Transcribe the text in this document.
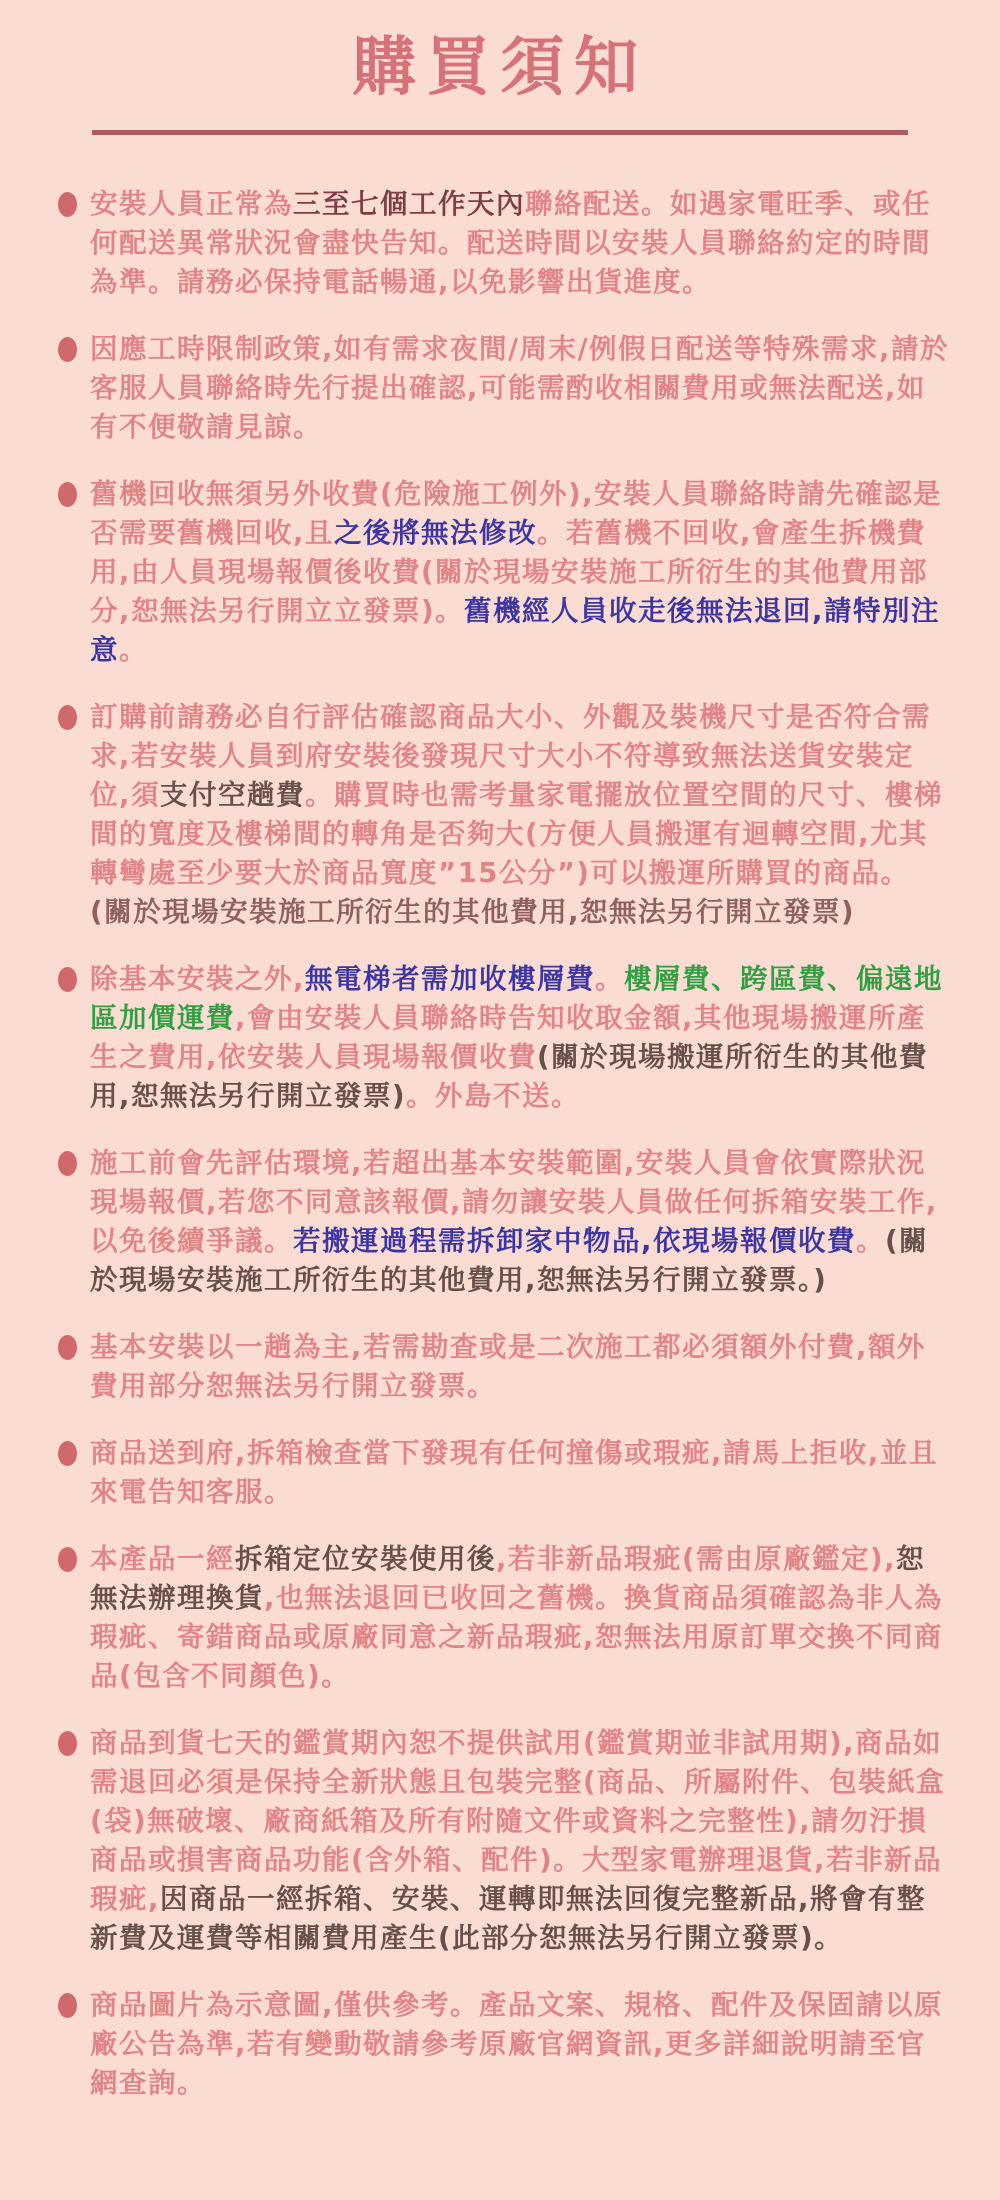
購買須知

安裝人員正常為三至七個工作天內聯絡配送。如遇家電旺季、或任何配送異常狀況會盡快告知。配送時間以安裝人員聯絡約定的時間為準。請務必保持電話暢通,以免影響出貨進度。

因應工時限制政策,如有需求夜間/周末/例假日配送等特殊需求,請於客服人員聯絡時先行提出確認,可能需酌收相關費用或無法配送,如有不便敬請見諒。

舊機回收無須另外收費(危險施工例外),安裝人員聯絡時請先確認是否需要舊機回收,且之後將無法修改。若舊機不回收,會產生拆機費用,由人員現場報價後收費(關於現場安裝施工所衍生的其他費用部分,恕無法另行開立立發票)。舊機經人員收走後無法退回,請特別注意。

訂購前請務必自行評估確認商品大小、外觀及裝機尺寸是否符合需求,若安裝人員到府安裝後發現尺寸大小不符導致無法送貨安裝定位,須支付空趟費。購買時也需考量家電擺放位置空間的尺寸、樓梯間的寬度及樓梯間的轉角是否夠大(方便人員搬運有迴轉空間,尤其轉彎處至少要大於商品寬度”15公分”)可以搬運所購買的商品。(關於現場安裝施工所衍生的其他費用,恕無法另行開立發票)

除基本安裝之外,無電梯者需加收樓層費。樓層費、跨區費、偏遠地區加價運費,會由安裝人員聯絡時告知收取金額,其他現場搬運所產生之費用,依安裝人員現場報價收費(關於現場搬運所衍生的其他費用,恕無法另行開立發票)。外島不送。

施工前會先評估環境,若超出基本安裝範圍,安裝人員會依實際狀況現場報價,若您不同意該報價,請勿讓安裝人員做任何拆箱安裝工作,以免後續爭議。若搬運過程需拆卸家中物品,依現場報價收費。(關於現場安裝施工所衍生的其他費用,恕無法另行開立發票。)

基本安裝以一趟為主,若需勘查或是二次施工都必須額外付費,額外費用部分恕無法另行開立發票。

商品送到府,拆箱檢查當下發現有任何撞傷或瑕疵,請馬上拒收,並且來電告知客服。

本產品一經拆箱定位安裝使用後,若非新品瑕疵(需由原廠鑑定),恕無法辦理換貨,也無法退回已收回之舊機。換貨商品須確認為非人為瑕疵、寄錯商品或原廠同意之新品瑕疵,恕無法用原訂單交換不同商品(包含不同顏色)。

商品到貨七天的鑑賞期內恕不提供試用(鑑賞期並非試用期),商品如需退回必須是保持全新狀態且包裝完整(商品、所屬附件、包裝紙盒(袋)無破壞、廠商紙箱及所有附隨文件或資料之完整性),請勿汙損商品或損害商品功能(含外箱、配件)。大型家電辦理退貨,若非新品瑕疵,因商品一經拆箱、安裝、運轉即無法回復完整新品,將會有整新費及運費等相關費用產生(此部分恕無法另行開立發票)。

商品圖片為示意圖,僅供參考。產品文案、規格、配件及保固請以原廠公告為準,若有變動敬請參考原廠官網資訊,更多詳細說明請至官網查詢。
